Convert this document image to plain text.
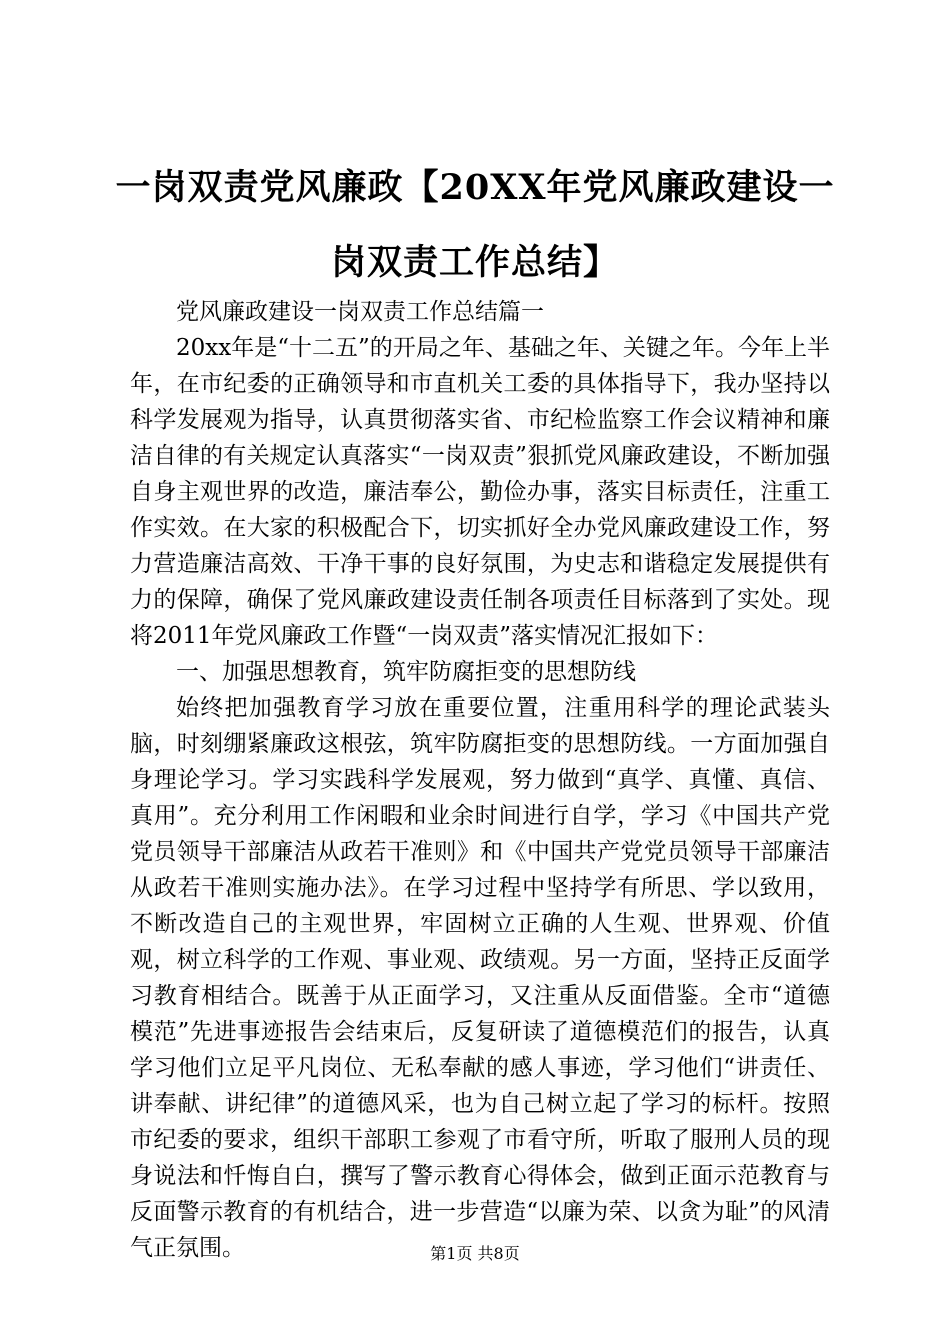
一岗双责党风廉政【20XX年党风廉政建设一
岗双责工作总结】

党风廉政建设一岗双责工作总结篇一

20xx年是“十二五”的开局之年、基础之年、关键之年。今年上半年，在市纪委的正确领导和市直机关工委的具体指导下，我办坚持以科学发展观为指导，认真贯彻落实省、市纪检监察工作会议精神和廉洁自律的有关规定认真落实“一岗双责”狠抓党风廉政建设，不断加强自身主观世界的改造，廉洁奉公，勤俭办事，落实目标责任，注重工作实效。在大家的积极配合下，切实抓好全办党风廉政建设工作，努力营造廉洁高效、干净干事的良好氛围，为史志和谐稳定发展提供有力的保障，确保了党风廉政建设责任制各项责任目标落到了实处。现将2011年党风廉政工作暨“一岗双责”落实情况汇报如下：

一、加强思想教育，筑牢防腐拒变的思想防线

始终把加强教育学习放在重要位置，注重用科学的理论武装头脑，时刻绷紧廉政这根弦，筑牢防腐拒变的思想防线。一方面加强自身理论学习。学习实践科学发展观，努力做到“真学、真懂、真信、真用”。充分利用工作闲暇和业余时间进行自学，学习《中国共产党党员领导干部廉洁从政若干准则》和《中国共产党党员领导干部廉洁从政若干准则实施办法》。在学习过程中坚持学有所思、学以致用，不断改造自己的主观世界，牢固树立正确的人生观、世界观、价值观，树立科学的工作观、事业观、政绩观。另一方面，坚持正反面学习教育相结合。既善于从正面学习，又注重从反面借鉴。全市“道德模范”先进事迹报告会结束后，反复研读了道德模范们的报告，认真学习他们立足平凡岗位、无私奉献的感人事迹，学习他们“讲责任、讲奉献、讲纪律”的道德风采，也为自己树立起了学习的标杆。按照市纪委的要求，组织干部职工参观了市看守所，听取了服刑人员的现身说法和忏悔自白，撰写了警示教育心得体会，做到正面示范教育与反面警示教育的有机结合，进一步营造“以廉为荣、以贪为耻”的风清气正氛围。	第1页 共8页
